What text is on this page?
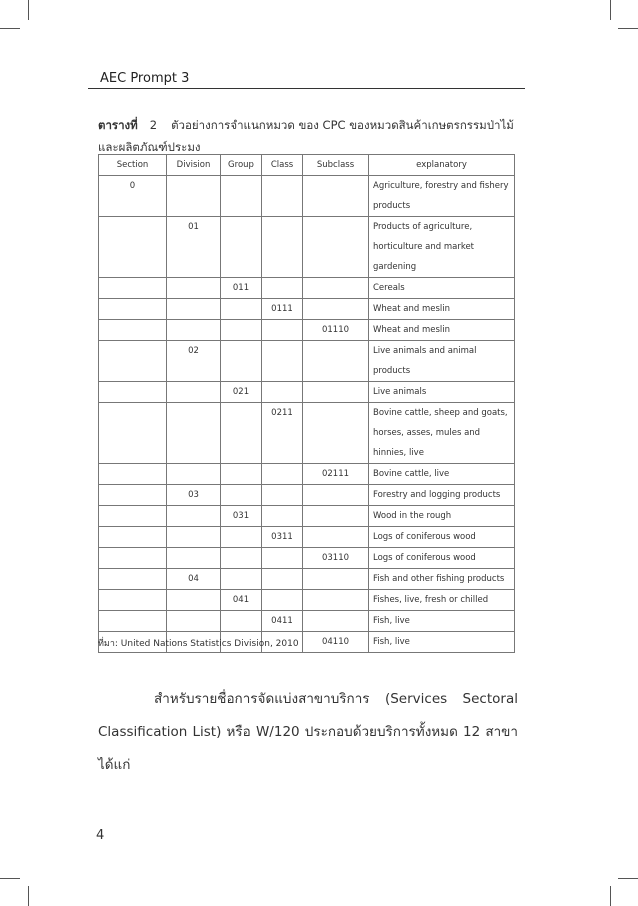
AEC Prompt 3
ตารางที่ 2 ตัวอย่างการจำแนกหมวด ของ CPC ของหมวดสินค้าเกษตรกรรมป่าไม้ และผลิตภัณฑ์ประมง
Section	Division	Group	Class	Subclass	explanatory
0					Agriculture, forestry and fishery products
	01				Products of agriculture, horticulture and market gardening
		011			Cereals
			0111		Wheat and meslin
				01110	Wheat and meslin
	02				Live animals and animal products
		021			Live animals
			0211		Bovine cattle, sheep and goats, horses, asses, mules and hinnies, live
				02111	Bovine cattle, live
	03				Forestry and logging products
		031			Wood in the rough
			0311		Logs of coniferous wood
				03110	Logs of coniferous wood
	04				Fish and other fishing products
		041			Fishes, live, fresh or chilled
			0411		Fish, live
				04110	Fish, live
ที่มา: United Nations Statistics Division, 2010
สำหรับรายชื่อการจัดแบ่งสาขาบริการ (Services Sectoral Classification List) หรือ W/120 ประกอบด้วยบริการทั้งหมด 12 สาขา ได้แก่
4
